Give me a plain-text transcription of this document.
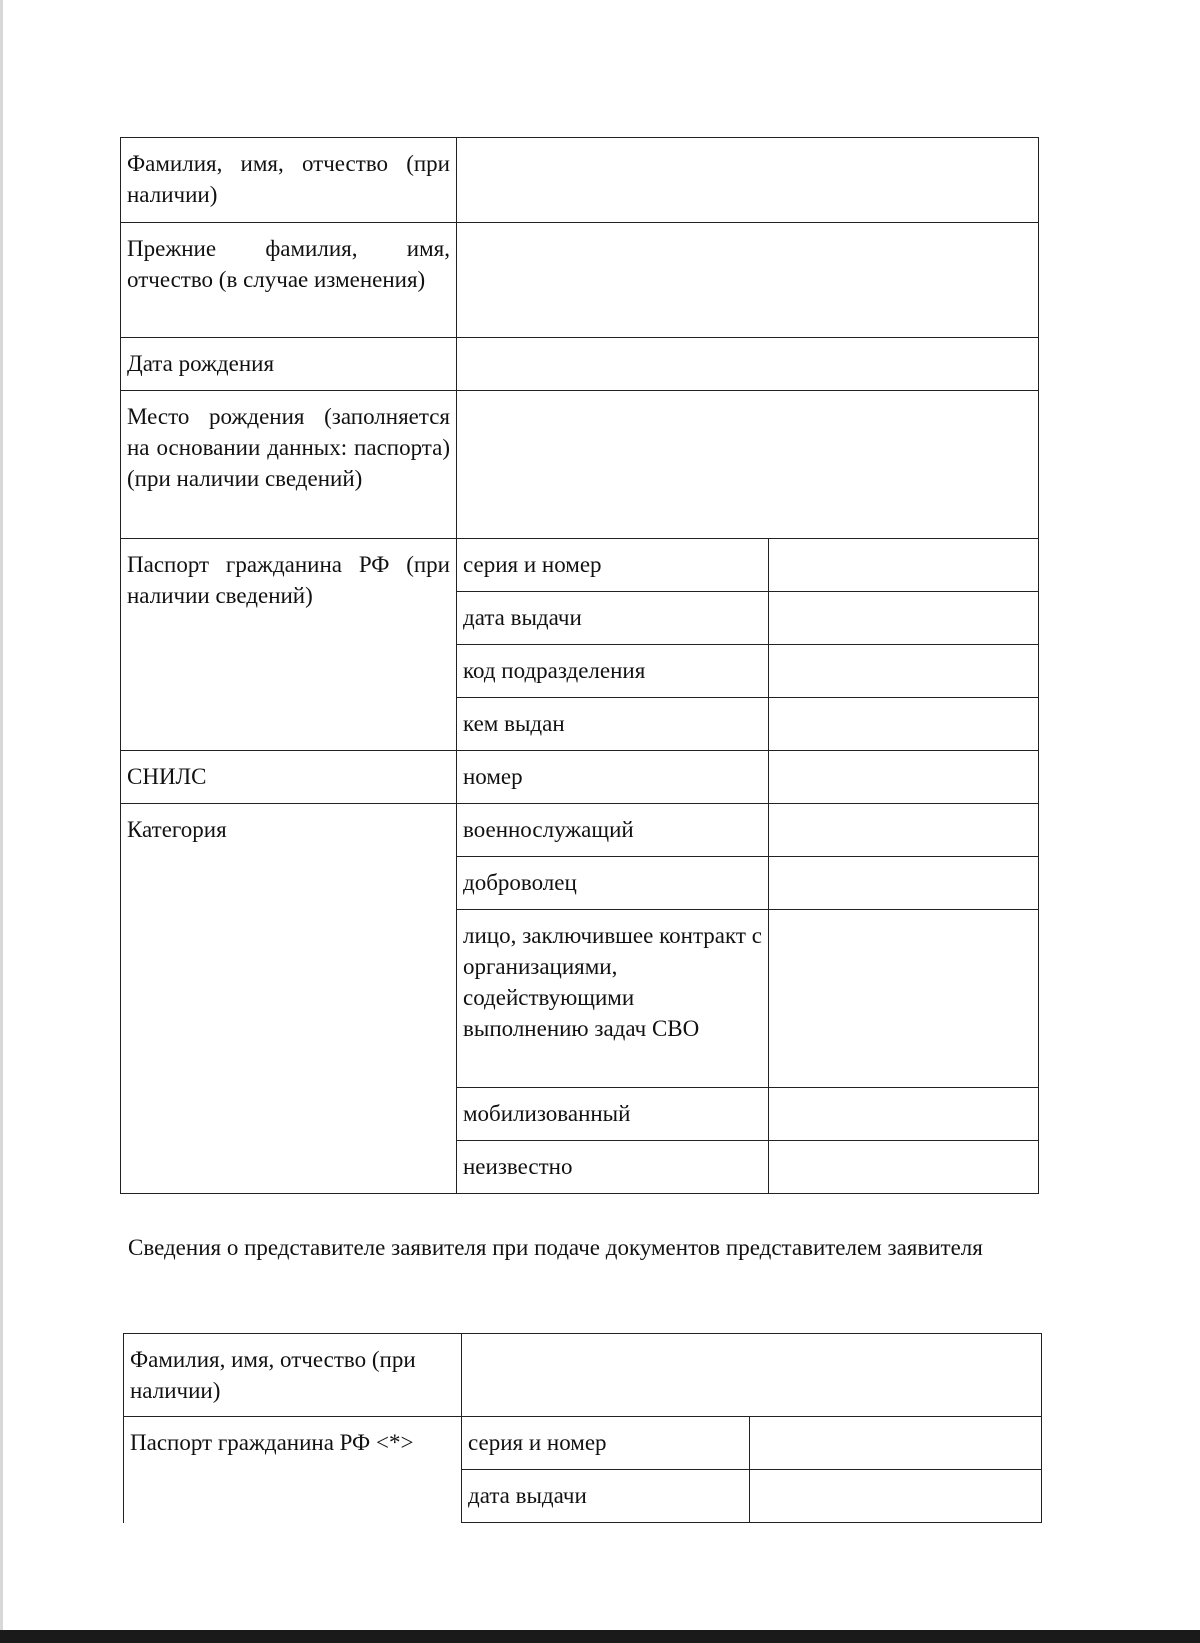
Фамилия, имя, отчество (при наличии)		
Прежние фамилия, имя, отчество (в случае изменения)		
Дата рождения		
Место рождения (заполняется на основании данных: паспорта) (при наличии сведений)		
Паспорт гражданина РФ (при наличии сведений)	серия и номер	
	дата выдачи	
	код подразделения	
	кем выдан	
СНИЛС	номер	
Категория	военнослужащий	
	доброволец	
	лицо, заключившее контракт с организациями, содействующими выполнению задач СВО	
	мобилизованный	
	неизвестно	
Сведения о представителе заявителя при подаче документов представителем заявителя
Фамилия, имя, отчество (при наличии)		
Паспорт гражданина РФ <*>	серия и номер	
	дата выдачи	
